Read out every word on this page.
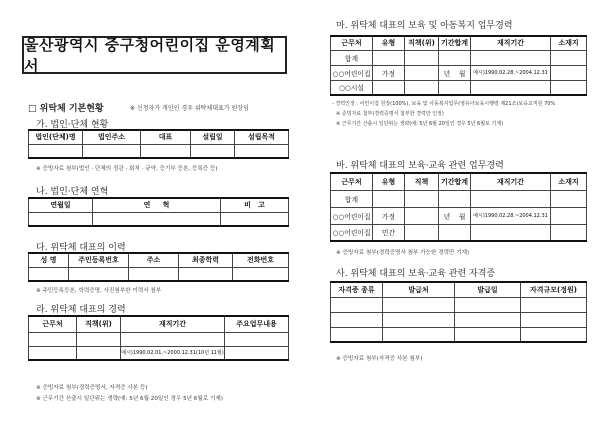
울산광역시 중구청어린이집 운영계획서
□ 위탁체 기본현황	※ 신청자가 개인인 경우 위탁체대표가 원장임
가. 법인·단체 현황
법인(단체)명	법인주소	대표	설립일	설립목적

※ 증빙자료 첨부(법인 · 단체의 정관 · 회칙 · 규약, 등기부 등본, 등록증 등)
나. 법인·단체 연혁
연월일	연     혁	비   고

다. 위탁체 대표의 이력
성 명	주민등록번호	주소	최종학력	전화번호

※ 주민등록등본, 학력증명, 사진첨부한 이력서 첨부
라. 위탁체 대표의 경력
근무처	직책(위)	재직기간	주요업무내용

		예시)1990.02.01.~2000.12.31(10년 11월)	
※ 증빙자료 첨부(경력증명서, 자격증 사본 등)
※ 근무기간 산출시 일단위는 생략(예: 5년 6월 20일인 경우 5년 6월로 기재)
마. 위탁체 대표의 보육 및 아동복지 업무경력
근무처	유형	직책(위)	기간합계	재직기간	소재지
합계					
○○어린이집	가정		년    월	예시)1990.02.28.~2004.12.31	
○○시설					
- 경력인정 : 어린이집 원장(100%), 보육 및 아동복지업무(영유아보육시행령 제21조)보육교직원 70%
※ 증빙자료 첨부(경력증명서 첨부한 경력만 인정)
※ 근무기간 산출시 일단위는 생략(예: 5년 6월 20일인 경우 5년 6월로 기재)
바. 위탁체 대표의 보육·교육 관련 업무경력
근무처	유형	직책	기간합계	재직기간	소재지
합계					
○○어린이집	가정		년    월	예시)1990.02.28.~2004.12.31	
○○어린이집	민간				
※ 증빙자료 첨부(경력증명서 첨부 가능한 경력만 기재)
사. 위탁체 대표의 보육·교육 관련 자격증
자격증 종류	발급처	발급일	자격규모(정원)

※ 증빙자료 첨부(자격증 사본 첨부)
